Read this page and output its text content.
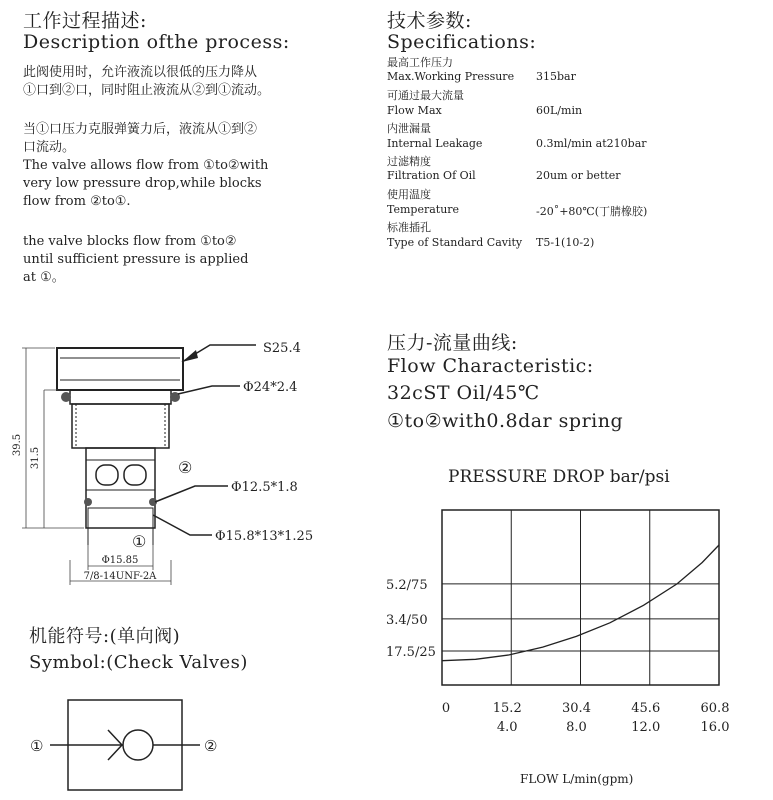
工作过程描述:
Description ofthe process:
此阀使用时，允许液流以很低的压力降从
①口到②口，同时阻止液流从②到①流动。
当①口压力克服弹簧力后，液流从①到②
口流动。
The valve allows flow from ①to②with
very low pressure drop,while blocks
flow from ②to①.
the valve blocks flow from ①to②
until sufficient pressure is applied
at ①。
技术参数:
Specifications:
最高工作压力
Max.Working Pressure 315bar
可通过最大流量
Flow Max	60L/min
内泄漏量
Internal Leakage	0.3ml/min at210bar
过滤精度
Filtration Of Oil	20um or better
使用温度
Temperature	-20˚+80℃(丁腈橡胶)
标准插孔
Type of Standard Cavity T5-1(10-2)
39.5
31.5
Φ15.85
7/8-14UNF-2A
S25.4
Φ24*2.4
②
Φ12.5*1.8
Φ15.8*13*1.25
①
机能符号:(单向阀)
Symbol:(Check Valves)
①	②
压力-流量曲线:
Flow Characteristic:
32cST Oil/45℃
①to②with0.8dar spring
PRESSURE DROP bar/psi
17.5/25
3.4/50
5.2/75
0	15.2
4.0
30.4
8.0
45.6
12.0
60.8
16.0
FLOW L/min(gpm)
